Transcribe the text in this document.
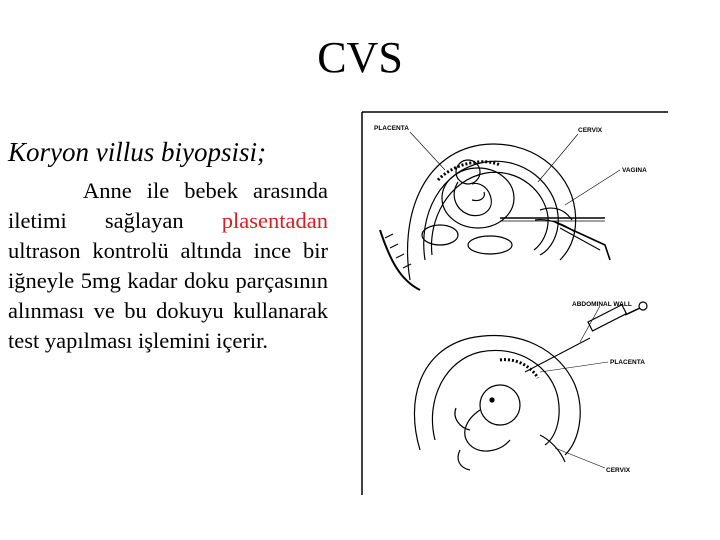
CVS
Koryon villus biyopsisi;
Anne ile bebek arasında iletimi sağlayan plasentadan ultrason kontrolü altında ince bir iğneyle 5mg kadar doku parçasının alınması ve bu dokuyu kullanarak test yapılması işlemini içerir.
PLACENTA	CERVIX
VAGINA
ABDOMINAL WALL
PLACENTA
CERVIX
